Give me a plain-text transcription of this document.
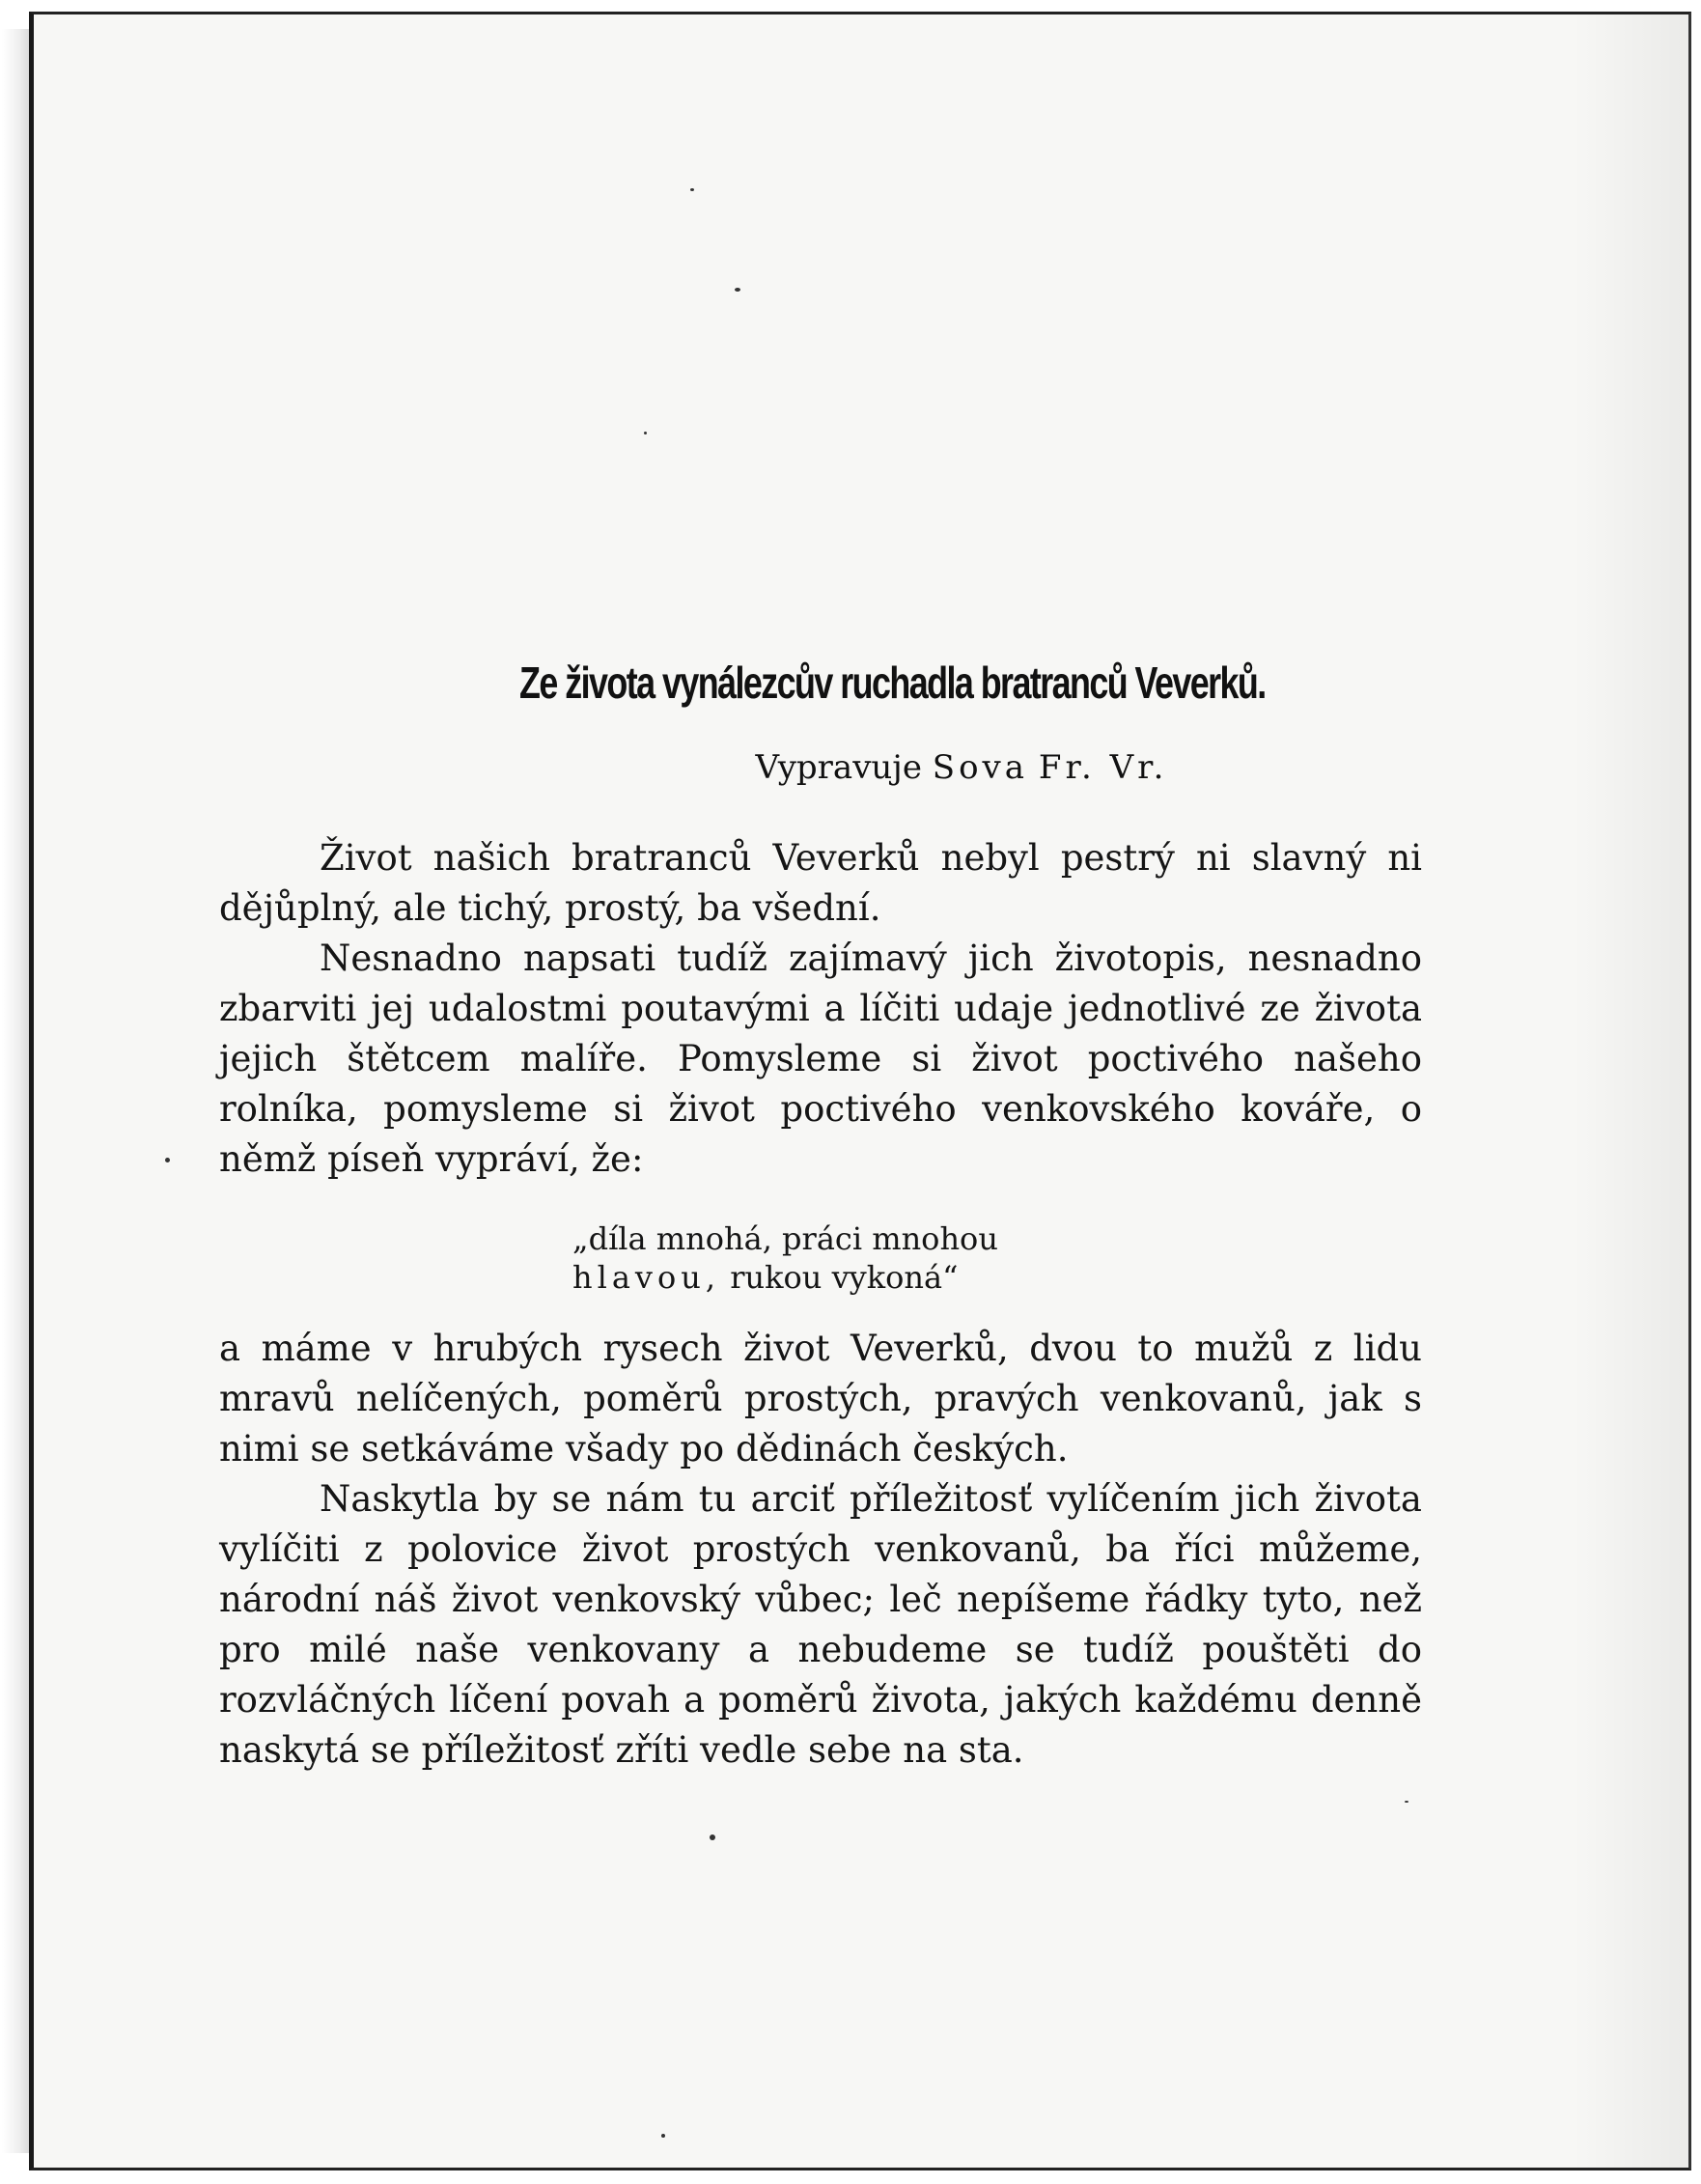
Ze života vynálezcův ruchadla bratranců Veverků.
Vypravuje Sova Fr. Vr.

Život našich bratranců Veverků nebyl pestrý ni slavný ni dějůplný, ale tichý, prostý, ba všední.

Nesnadno napsati tudíž zajímavý jich životopis, nesnadno zbarviti jej udalostmi poutavými a líčiti udaje jednotlivé ze života jejich štětcem malíře. Pomysleme si život poctivého našeho rolníka, pomysleme si život poctivého venkovského kováře, o němž píseň vypráví, že:

„díla mnohá, práci mnohou
hlavou, rukou vykoná“

a máme v hrubých rysech život Veverků, dvou to mužů z lidu mravů nelíčených, poměrů prostých, pravých venkovanů, jak s nimi se setkáváme všady po dědinách českých.

Naskytla by se nám tu arciť příležitosť vylíčením jich života vylíčiti z polovice život prostých venkovanů, ba říci můžeme, národní náš život venkovský vůbec; leč nepíšeme řádky tyto, než pro milé naše venkovany a nebudeme se tudíž pouštěti do rozvláčných líčení povah a poměrů života, jakých každému denně naskytá se příležitosť zříti vedle sebe na sta.
